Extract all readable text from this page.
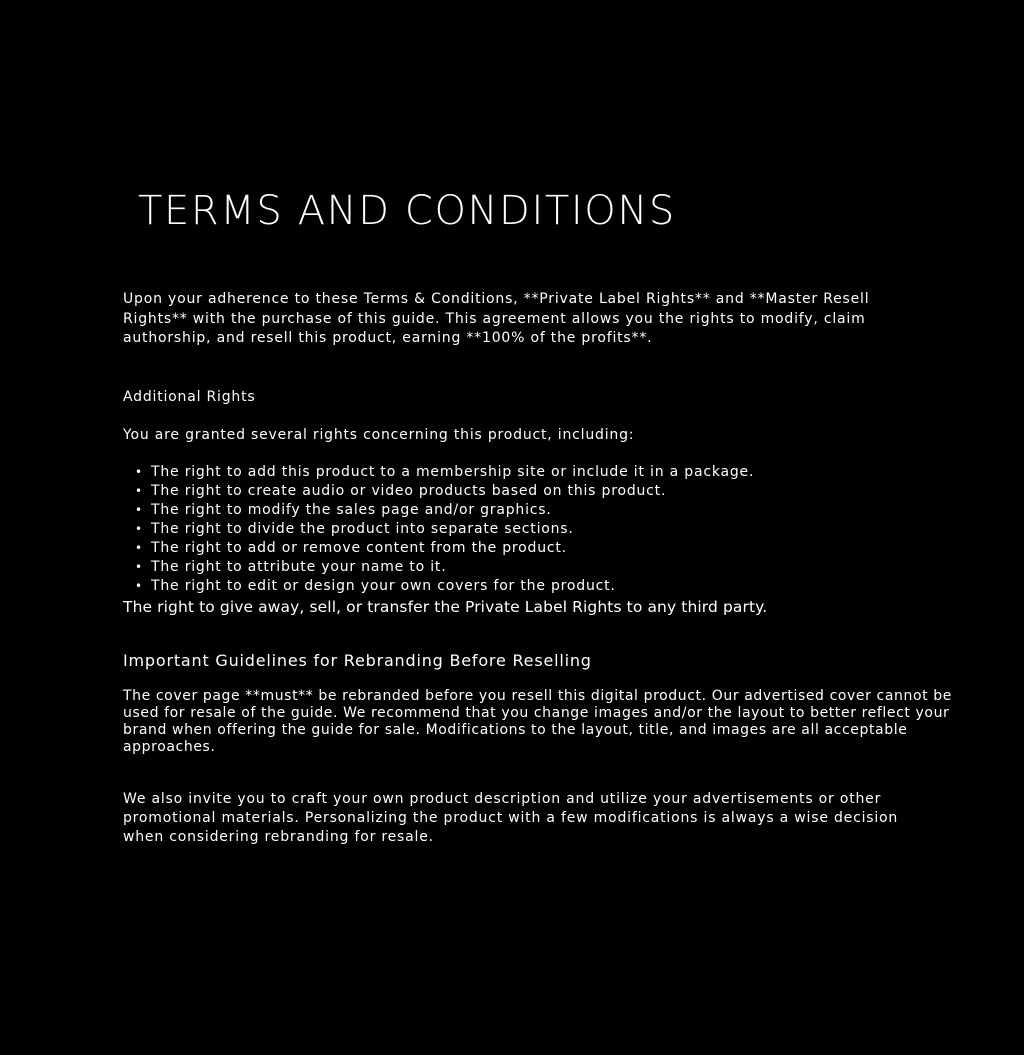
TERMS AND CONDITIONS

Upon your adherence to these Terms & Conditions, **Private Label Rights** and **Master Resell Rights** with the purchase of this guide. This agreement allows you the rights to modify, claim authorship, and resell this product, earning **100% of the profits**.

Additional Rights

You are granted several rights concerning this product, including:

• The right to add this product to a membership site or include it in a package.
• The right to create audio or video products based on this product.
• The right to modify the sales page and/or graphics.
• The right to divide the product into separate sections.
• The right to add or remove content from the product.
• The right to attribute your name to it.
• The right to edit or design your own covers for the product.

The right to give away, sell, or transfer the Private Label Rights to any third party.

Important Guidelines for Rebranding Before Reselling

The cover page **must** be rebranded before you resell this digital product. Our advertised cover cannot be used for resale of the guide. We recommend that you change images and/or the layout to better reflect your brand when offering the guide for sale. Modifications to the layout, title, and images are all acceptable approaches.

We also invite you to craft your own product description and utilize your advertisements or other promotional materials. Personalizing the product with a few modifications is always a wise decision when considering rebranding for resale.
